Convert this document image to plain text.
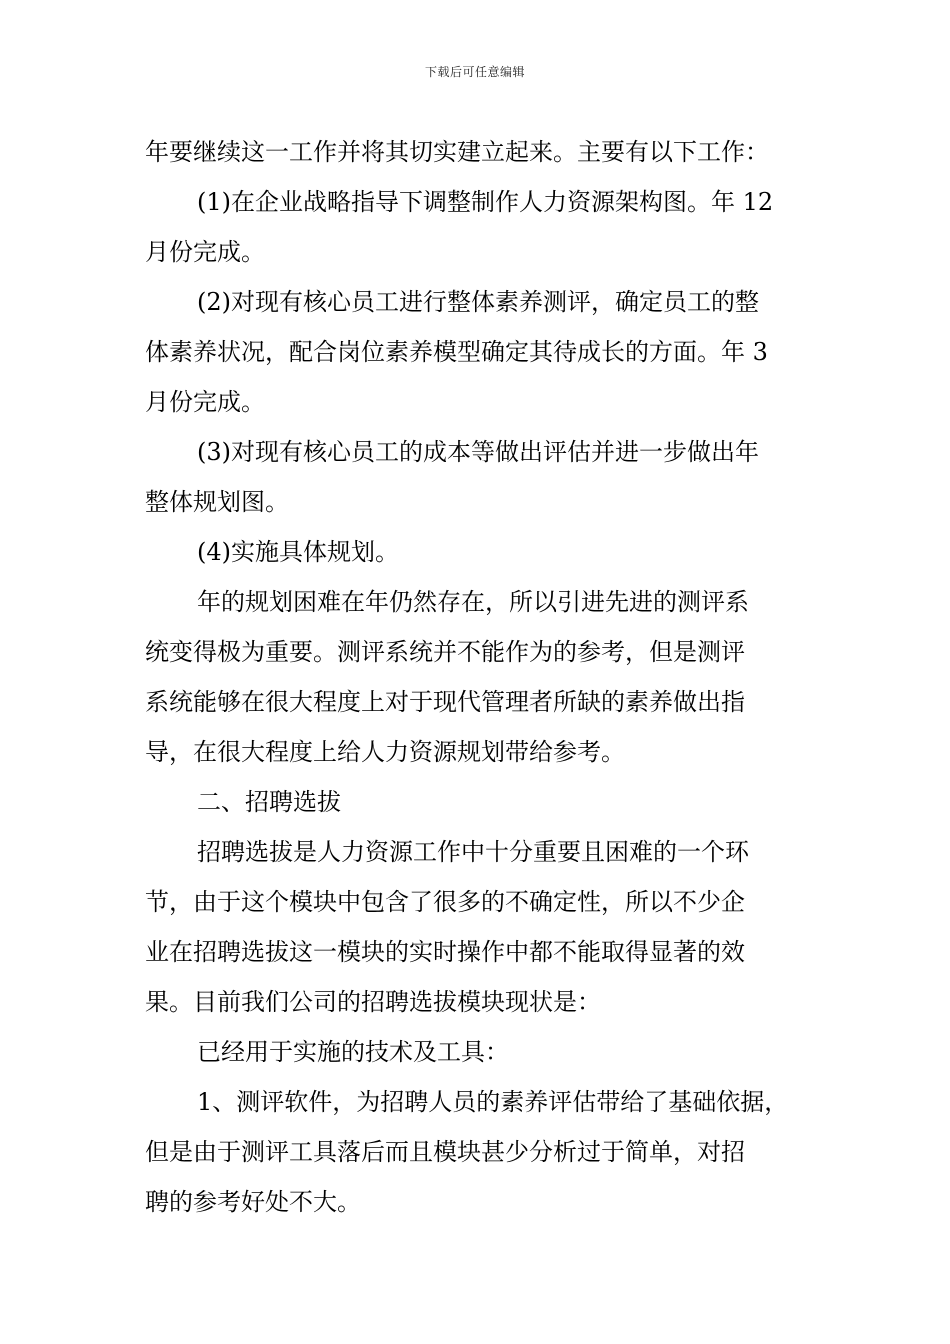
下载后可任意编辑
年要继续这一工作并将其切实建立起来。主要有以下工作：
(1)在企业战略指导下调整制作人力资源架构图。年 12
月份完成。
(2)对现有核心员工进行整体素养测评，确定员工的整
体素养状况，配合岗位素养模型确定其待成长的方面。年 3
月份完成。
(3)对现有核心员工的成本等做出评估并进一步做出年
整体规划图。
(4)实施具体规划。
年的规划困难在年仍然存在，所以引进先进的测评系
统变得极为重要。测评系统并不能作为的参考，但是测评
系统能够在很大程度上对于现代管理者所缺的素养做出指
导，在很大程度上给人力资源规划带给参考。
二、招聘选拔
招聘选拔是人力资源工作中十分重要且困难的一个环
节，由于这个模块中包含了很多的不确定性，所以不少企
业在招聘选拔这一模块的实时操作中都不能取得显著的效
果。目前我们公司的招聘选拔模块现状是：
已经用于实施的技术及工具：
1、测评软件，为招聘人员的素养评估带给了基础依据，
但是由于测评工具落后而且模块甚少分析过于简单，对招
聘的参考好处不大。
